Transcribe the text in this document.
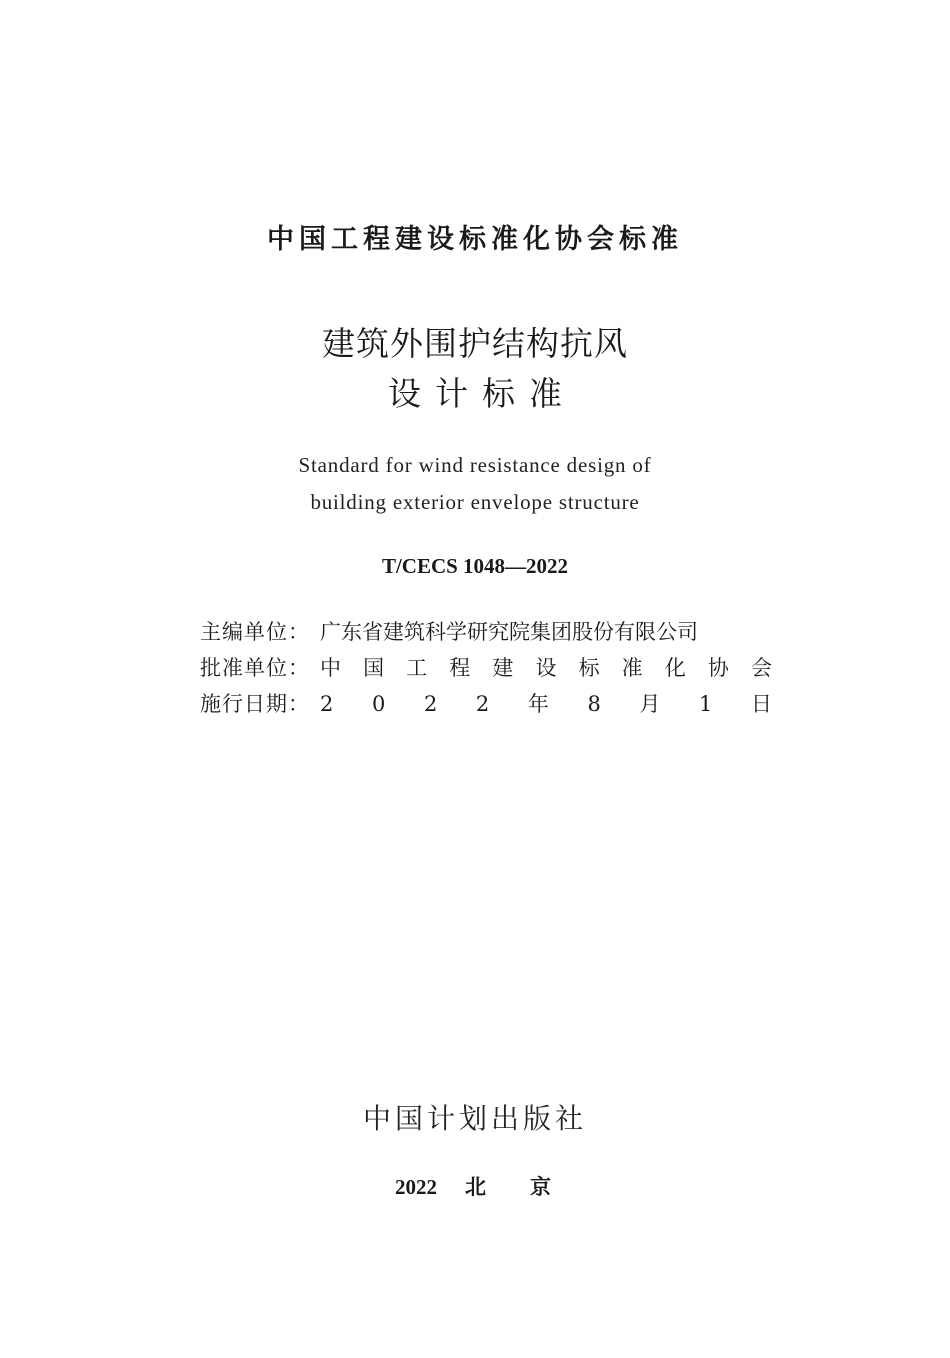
中国工程建设标准化协会标准
建筑外围护结构抗风
设计标准
Standard for wind resistance design of
building exterior envelope structure
T/CECS 1048—2022
主编单位： 广东省建筑科学研究院集团股份有限公司
批准单位： 中 国 工 程 建 设 标 准 化 协 会
施行日期： 2 0 2 2 年 8 月 1 日
中国计划出版社
2022 北 京
